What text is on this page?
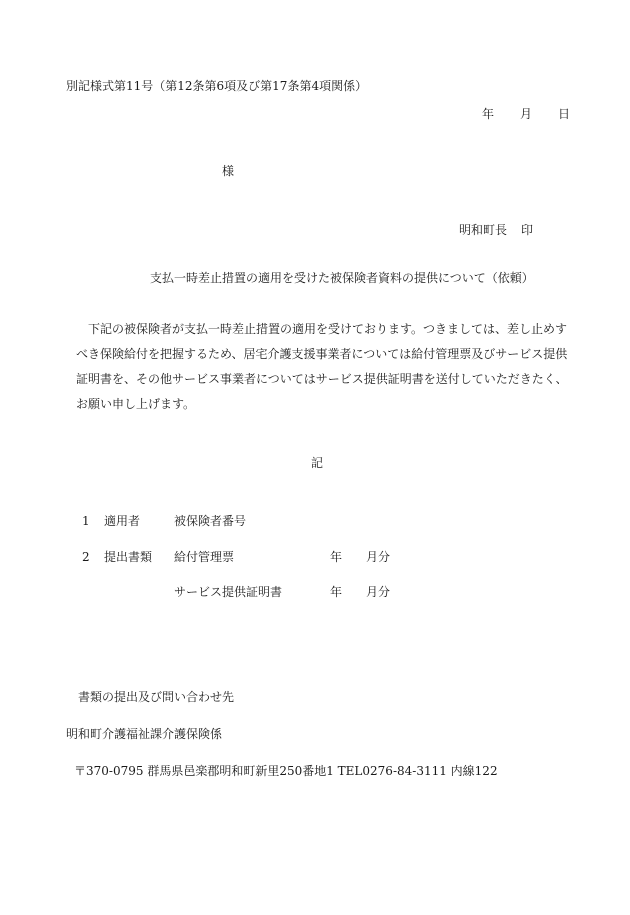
別記様式第11号（第12条第6項及び第17条第4項関係）
年 月 日
様
明和町長 印
支払一時差止措置の適用を受けた被保険者資料の提供について（依頼）
下記の被保険者が支払一時差止措置の適用を受けております。つきましては、差し止めす
べき保険給付を把握するため、居宅介護支援事業者については給付管理票及びサービス提供
証明書を、その他サービス事業者についてはサービス提供証明書を送付していただきたく、
お願い申し上げます。
記
1 適用者	被保険者番号
2 提出書類 給付管理票	年 月分
サービス提供証明書	年 月分
書類の提出及び問い合わせ先
明和町介護福祉課介護保険係
〒370-0795 群馬県邑楽郡明和町新里250番地1 TEL0276-84-3111 内線122
